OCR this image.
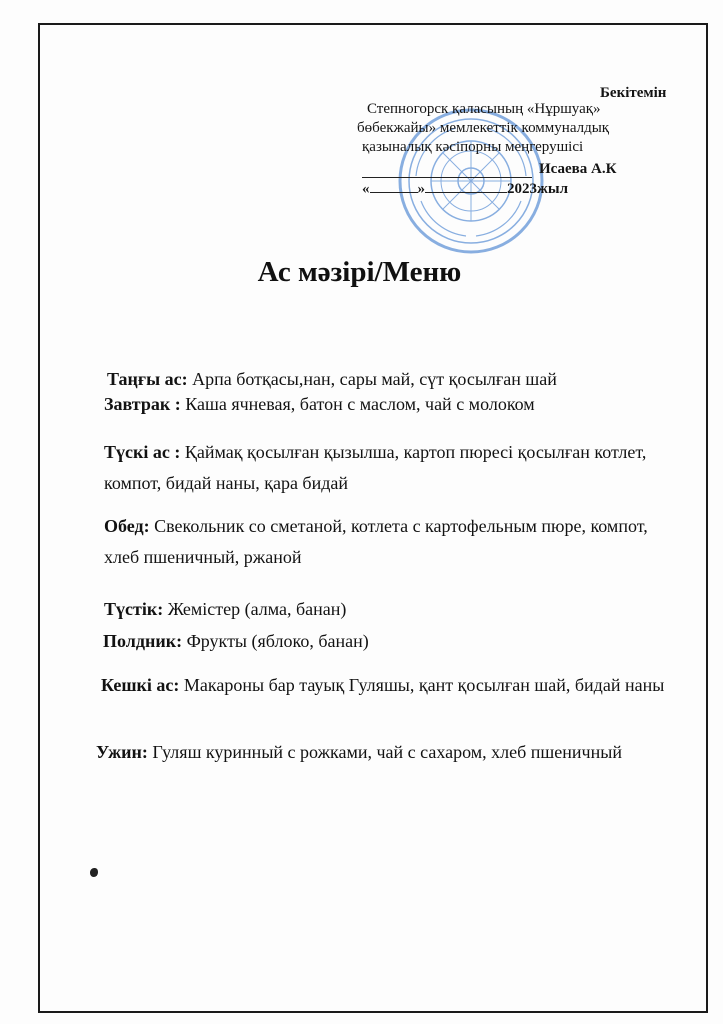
Бекітемін
Степногорск қаласының «Нұршуақ»
бөбекжайы» мемлекеттік коммуналдық
қазыналық кәсіпорны меңгерушісі
Исаева А.К
«	»	2023жыл
Ас мәзірі/Меню
Таңғы ас: Арпа ботқасы,нан, сары май, сүт қосылған шай
Завтрак : Каша ячневая, батон с маслом, чай с молоком
Түскі ас : Қаймақ қосылған қызылша, картоп пюресі қосылған котлет, компот, бидай наны, қара бидай
Обед: Свекольник со сметаной, котлета с картофельным пюре, компот, хлеб пшеничный, ржаной
Түстік: Жемістер (алма, банан)
Полдник: Фрукты (яблоко, банан)
Кешкі ас: Макароны бар тауық Гуляшы, қант қосылған шай, бидай наны
Ужин: Гуляш куринный с рожками, чай с сахаром, хлеб пшеничный
